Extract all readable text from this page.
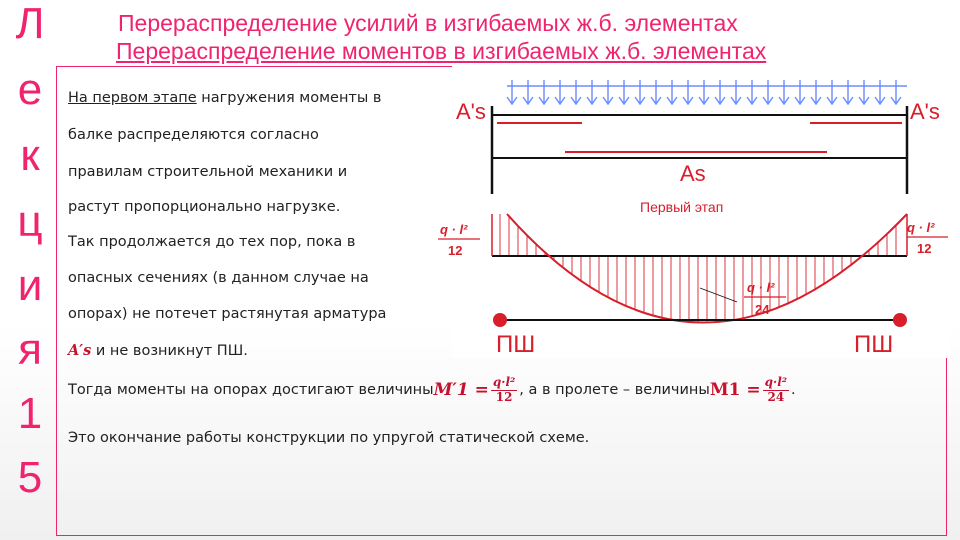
Л
е
к
ц
и
я
1
5
Перераспределение усилий в изгибаемых ж.б. элементах
Перераспределение моментов в изгибаемых ж.б. элементах
На первом этапе нагружения моменты в
балке распределяются согласно
правилам строительной механики и
растут пропорционально нагрузке.
Так продолжается до тех пор, пока в
опасных сечениях (в данном случае на
опорах) не потечет растянутая арматура
A′s и не возникнут ПШ.
Тогда моменты на опорах достигают величины $M'1 = \frac{\text{q·l²}}{12}$ , а в пролете – величины $M1 = \frac{\text{q·l²}}{24}$ .
Это окончание работы конструкции по упругой статической схеме.
A's	A's
As
Первый этап
q · l²
12
q · l²
12
q · l²
24
ПШ	ПШ
